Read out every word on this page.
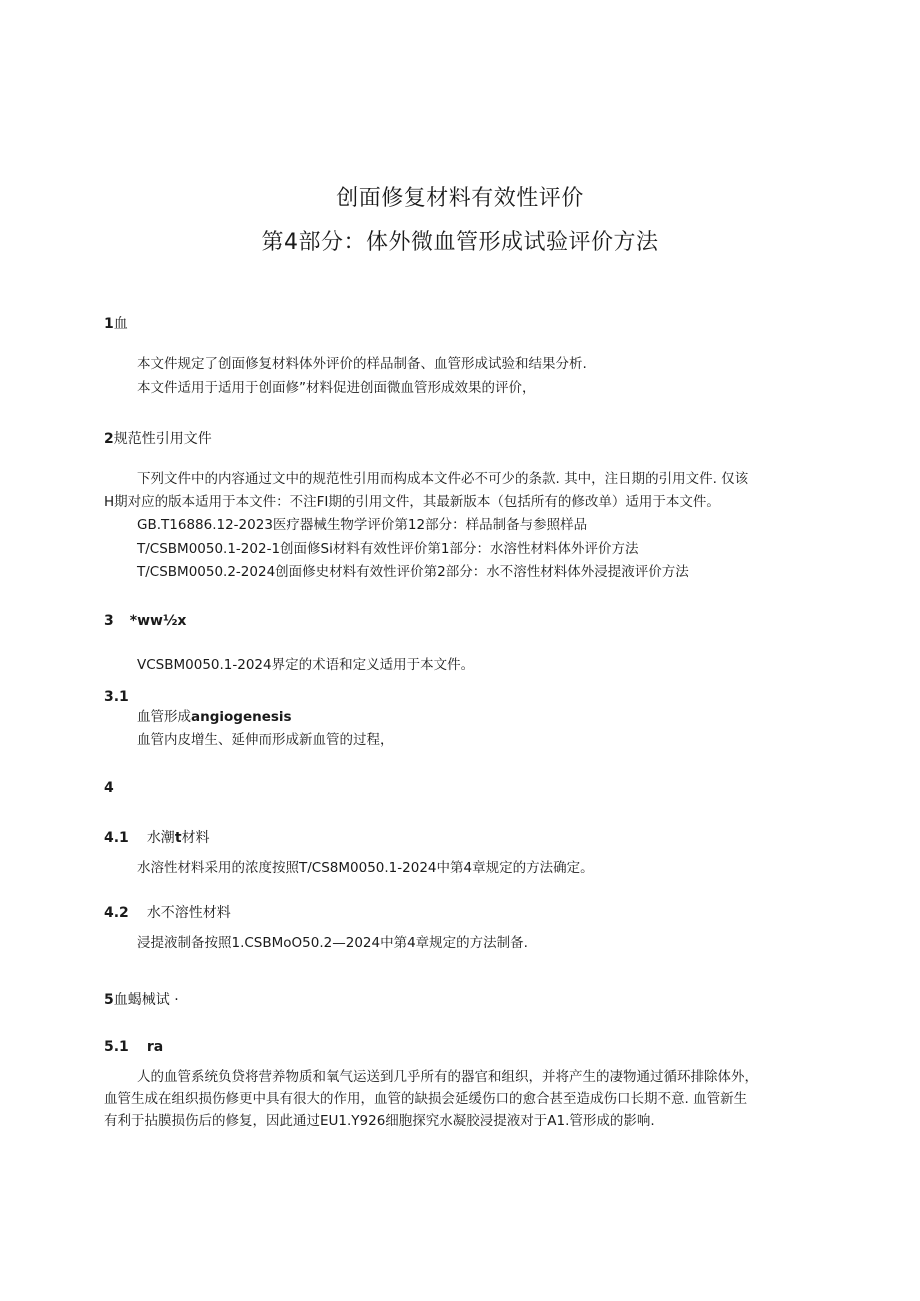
创面修复材料有效性评价
第4部分：体外微血管形成试验评价方法
1血
本文件规定了创面修复材料体外评价的样品制备、血管形成试验和结果分析.
本文件适用于适用于创面修”材料促进创面微血管形成效果的评价，
2规范性引用文件
下列文件中的内容通过文中的规范性引用而构成本文件必不可少的条款. 其中，注日期的引用文件. 仅该
H期对应的版本适用于本文件：不注FI期的引用文件，其最新版本（包括所有的修改单）适用于本文件。
GB.T16886.12-2023医疗器械生物学评价第12部分：样品制备与参照样品
T/CSBM0050.1-202-1创面修Si材料有效性评价第1部分：水溶性材料体外评价方法
T/CSBM0050.2-2024创面修史材料有效性评价第2部分：水不溶性材料体外浸提液评价方法
3 *ww½x
VCSBM0050.1-2024界定的术语和定义适用于本文件。
3.1
血管形成angiogenesis
血管内皮增生、延伸而形成新血管的过程，
4
4.1 水潮t材料
水溶性材料采用的浓度按照T/CS8M0050.1-2024中第4章规定的方法确定。
4.2 水不溶性材料
浸提液制备按照1.CSBMoO50.2—2024中第4章规定的方法制备.
5血蝎械试 ·
5.1 ra
人的血管系统负贷将营养物质和氧气运送到几乎所有的器官和组织，并将产生的凄物通过循环排除体外，
血管生成在组织损伤修更中具有很大的作用，血管的缺损会延缓伤口的愈合甚至造成伤口长期不意. 血管新生
有利于拈膜损伤后的修复，因此通过EU1.Y926细胞探究水凝胶浸提液对于A1.管形成的影响.
